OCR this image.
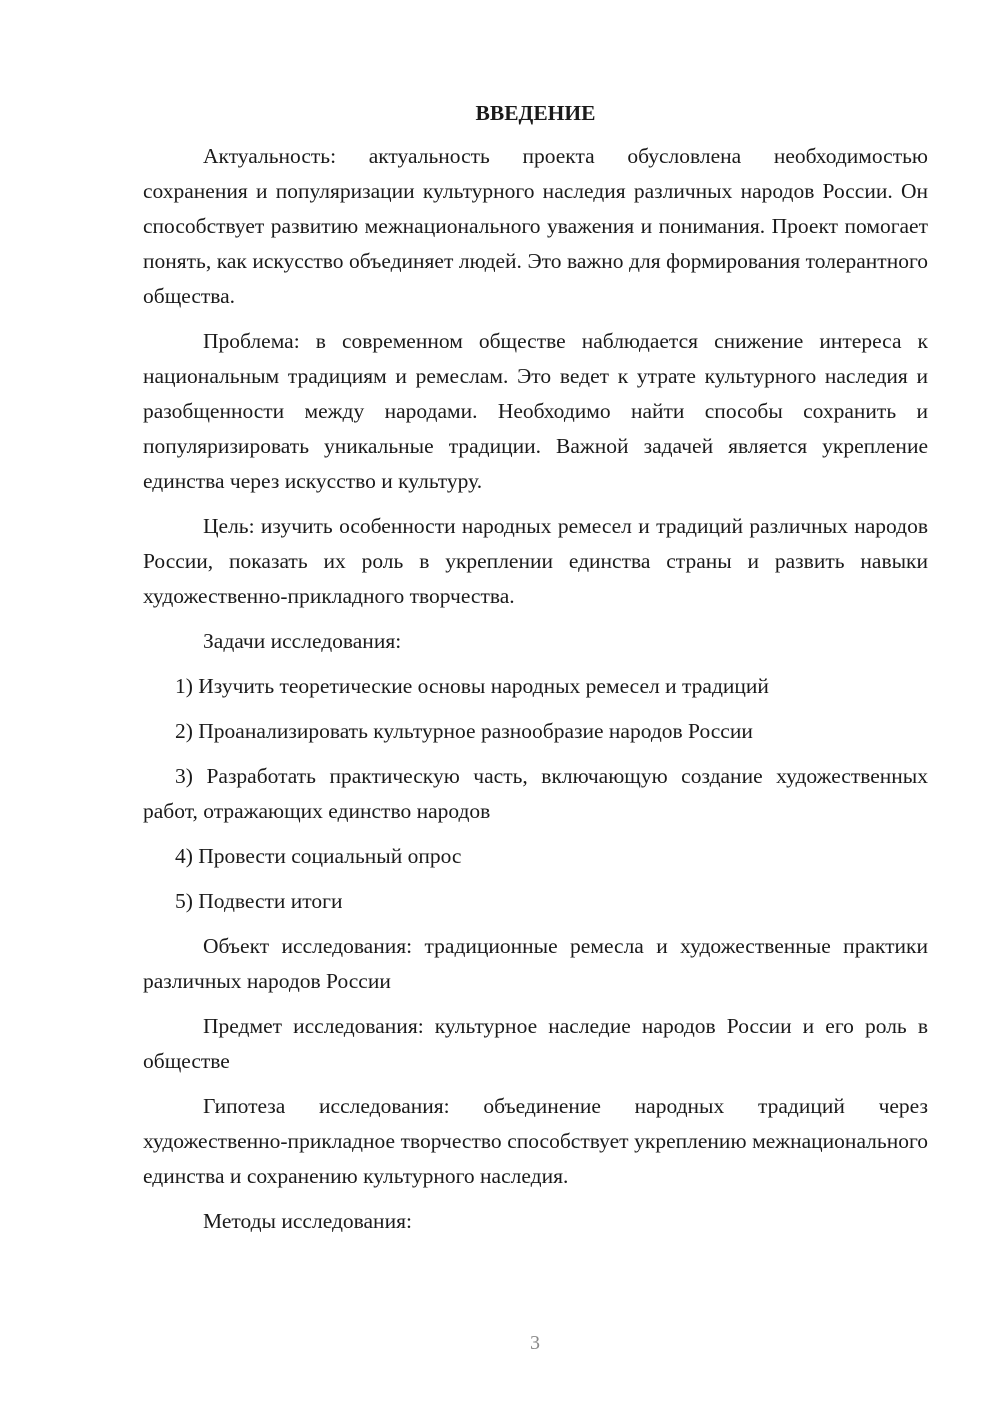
ВВЕДЕНИЕ

Актуальность: актуальность проекта обусловлена необходимостью сохранения и популяризации культурного наследия различных народов России. Он способствует развитию межнационального уважения и понимания. Проект помогает понять, как искусство объединяет людей. Это важно для формирования толерантного общества.

Проблема: в современном обществе наблюдается снижение интереса к национальным традициям и ремеслам. Это ведет к утрате культурного наследия и разобщенности между народами. Необходимо найти способы сохранить и популяризировать уникальные традиции. Важной задачей является укрепление единства через искусство и культуру.

Цель: изучить особенности народных ремесел и традиций различных народов России, показать их роль в укреплении единства страны и развить навыки художественно-прикладного творчества.

Задачи исследования:

1) Изучить теоретические основы народных ремесел и традиций

2) Проанализировать культурное разнообразие народов России

3) Разработать практическую часть, включающую создание художественных работ, отражающих единство народов

4) Провести социальный опрос

5) Подвести итоги

Объект исследования: традиционные ремесла и художественные практики различных народов России

Предмет исследования: культурное наследие народов России и его роль в обществе

Гипотеза исследования: объединение народных традиций через художественно-прикладное творчество способствует укреплению межнационального единства и сохранению культурного наследия.

Методы исследования:

3
